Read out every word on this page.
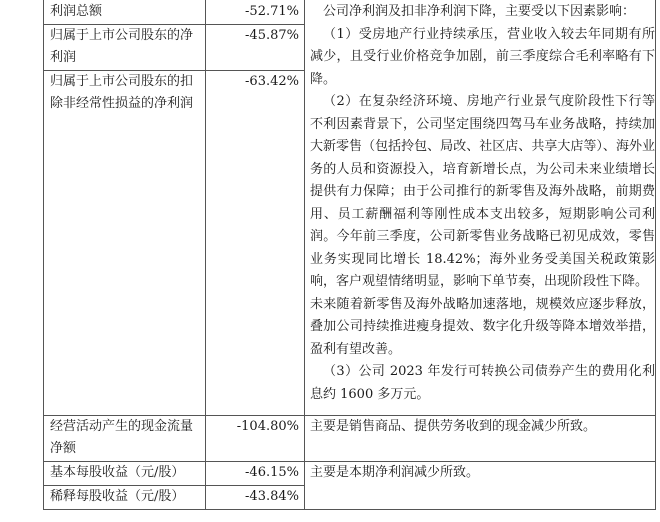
利润总额	-52.71%	公司净利润及扣非净利润下降，主要受以下因素影响：
（1）受房地产行业持续承压，营业收入较去年同期有所减少，且受行业价格竞争加剧，前三季度综合毛利率略有下降。
（2）在复杂经济环境、房地产行业景气度阶段性下行等不利因素背景下，公司坚定围绕四驾马车业务战略，持续加大新零售（包括拎包、局改、社区店、共享大店等）、海外业务的人员和资源投入，培育新增长点，为公司未来业绩增长提供有力保障；由于公司推行的新零售及海外战略，前期费用、员工薪酬福利等刚性成本支出较多，短期影响公司利润。今年前三季度，公司新零售业务战略已初见成效，零售业务实现同比增长 18.42%；海外业务受美国关税政策影响，客户观望情绪明显，影响下单节奏，出现阶段性下降。
未来随着新零售及海外战略加速落地，规模效应逐步释放，叠加公司持续推进瘦身提效、数字化升级等降本增效举措，盈利有望改善。
（3）公司 2023 年发行可转换公司债券产生的费用化利息约 1600 多万元。

归属于上市公司股东的净利润	-45.87%	
归属于上市公司股东的扣除非经常性损益的净利润	-63.42%	
经营活动产生的现金流量净额	-104.80%	主要是销售商品、提供劳务收到的现金减少所致。
基本每股收益（元/股）	-46.15%	主要是本期净利润减少所致。
稀释每股收益（元/股）	-43.84%	
